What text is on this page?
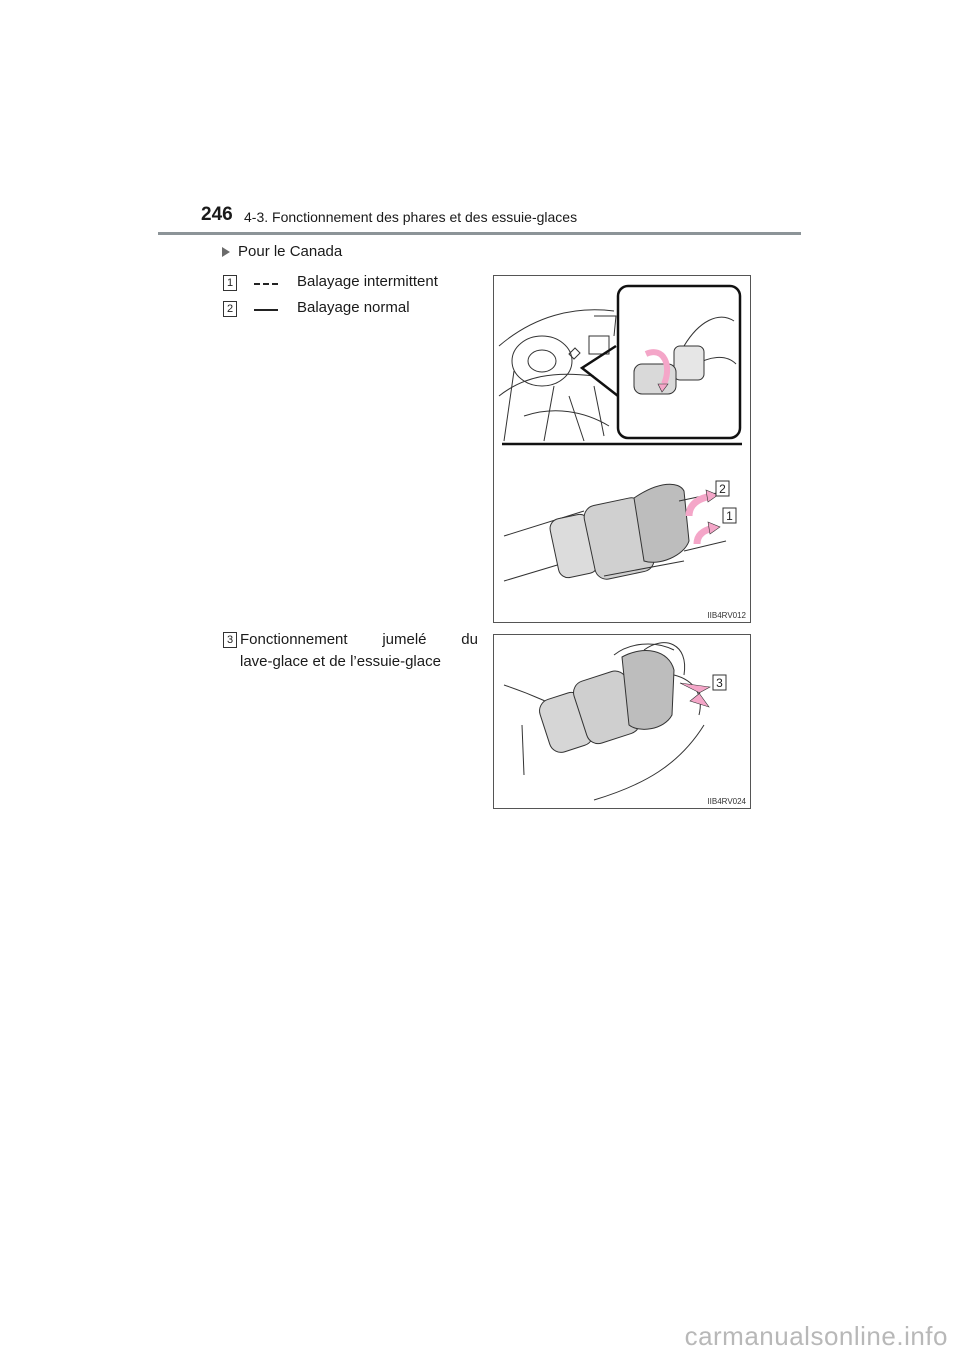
246 4-3. Fonctionnement des phares et des essuie-glaces
Pour le Canada
1	Balayage intermittent
2	Balayage normal
3 Fonctionnement jumelé du
lave-glace et de l’essuie-glace
2
1
IIB4RV012
3
IIB4RV024
carmanualsonline.info
